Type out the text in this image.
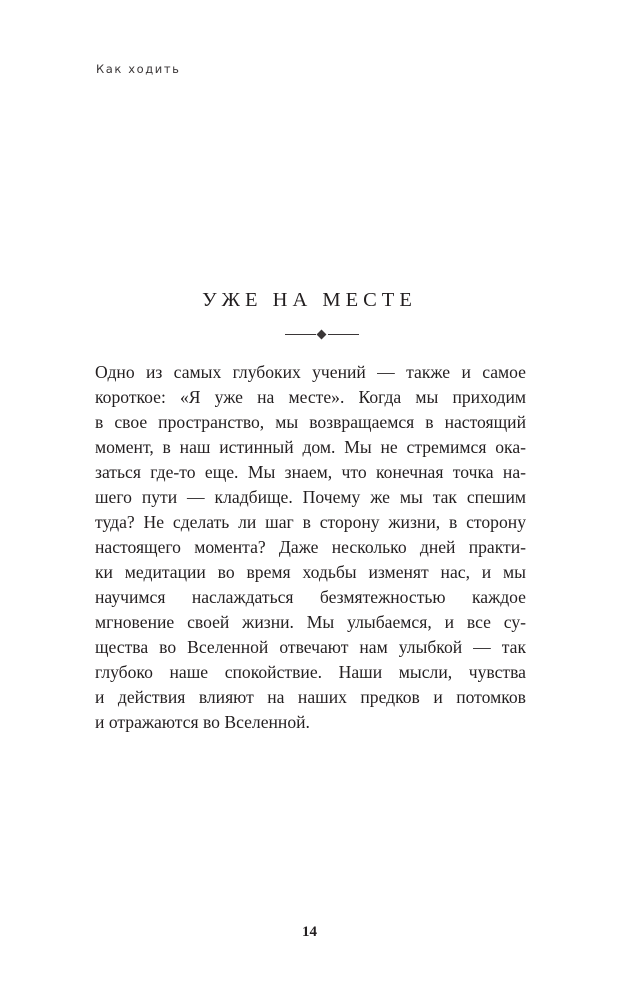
Как ходить
УЖЕ НА МЕСТЕ
Одно из самых глубоких учений — также и самое
короткое: «Я уже на месте». Когда мы приходим
в свое пространство, мы возвращаемся в настоящий
момент, в наш истинный дом. Мы не стремимся ока-
заться где-то еще. Мы знаем, что конечная точка на-
шего пути — кладбище. Почему же мы так спешим
туда? Не сделать ли шаг в сторону жизни, в сторону
настоящего момента? Даже несколько дней практи-
ки медитации во время ходьбы изменят нас, и мы
научимся наслаждаться безмятежностью каждое
мгновение своей жизни. Мы улыбаемся, и все су-
щества во Вселенной отвечают нам улыбкой — так
глубоко наше спокойствие. Наши мысли, чувства
и действия влияют на наших предков и потомков
и отражаются во Вселенной.
14
